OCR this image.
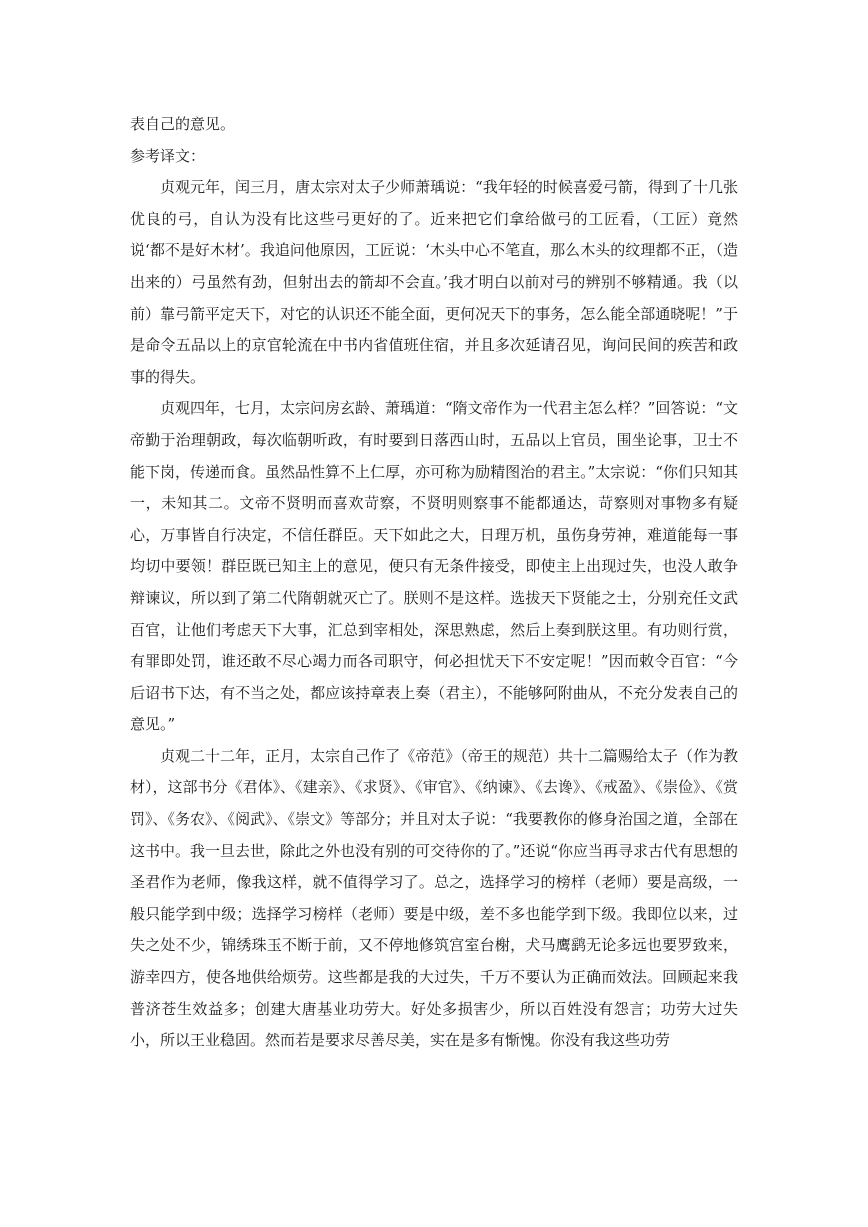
表自己的意见。

参考译文：

贞观元年，闰三月，唐太宗对太子少师萧瑀说：“我年轻的时候喜爱弓箭，得到了十几张优良的弓，自认为没有比这些弓更好的了。近来把它们拿给做弓的工匠看，（工匠）竟然说‘都不是好木材’。我追问他原因，工匠说：‘木头中心不笔直，那么木头的纹理都不正，（造出来的）弓虽然有劲，但射出去的箭却不会直。’我才明白以前对弓的辨别不够精通。我（以前）靠弓箭平定天下，对它的认识还不能全面，更何况天下的事务，怎么能全部通晓呢！”于是命令五品以上的京官轮流在中书内省值班住宿，并且多次延请召见，询问民间的疾苦和政事的得失。

贞观四年，七月，太宗问房玄龄、萧瑀道：“隋文帝作为一代君主怎么样？”回答说：“文帝勤于治理朝政，每次临朝听政，有时要到日落西山时，五品以上官员，围坐论事，卫士不能下岗，传递而食。虽然品性算不上仁厚，亦可称为励精图治的君主。”太宗说：“你们只知其一，未知其二。文帝不贤明而喜欢苛察，不贤明则察事不能都通达，苛察则对事物多有疑心，万事皆自行决定，不信任群臣。天下如此之大，日理万机，虽伤身劳神，难道能每一事均切中要领！群臣既已知主上的意见，便只有无条件接受，即使主上出现过失，也没人敢争辩谏议，所以到了第二代隋朝就灭亡了。朕则不是这样。选拔天下贤能之士，分别充任文武百官，让他们考虑天下大事，汇总到宰相处，深思熟虑，然后上奏到朕这里。有功则行赏，有罪即处罚，谁还敢不尽心竭力而各司职守，何必担忧天下不安定呢！”因而敕令百官：“今后诏书下达，有不当之处，都应该持章表上奏（君主），不能够阿附曲从，不充分发表自己的意见。”

贞观二十二年，正月，太宗自己作了《帝范》（帝王的规范）共十二篇赐给太子（作为教材），这部书分《君体》、《建亲》、《求贤》、《审官》、《纳谏》、《去谗》、《戒盈》、《崇俭》、《赏罚》、《务农》、《阅武》、《崇文》等部分；并且对太子说：“我要教你的修身治国之道，全部在这书中。我一旦去世，除此之外也没有别的可交待你的了。”还说“你应当再寻求古代有思想的圣君作为老师，像我这样，就不值得学习了。总之，选择学习的榜样（老师）要是高级，一般只能学到中级；选择学习榜样（老师）要是中级，差不多也能学到下级。我即位以来，过失之处不少，锦绣珠玉不断于前，又不停地修筑宫室台榭，犬马鹰鹞无论多远也要罗致来，游幸四方，使各地供给烦劳。这些都是我的大过失，千万不要认为正确而效法。回顾起来我普济苍生效益多；创建大唐基业功劳大。好处多损害少，所以百姓没有怨言；功劳大过失小，所以王业稳固。然而若是要求尽善尽美，实在是多有惭愧。你没有我这些功劳
